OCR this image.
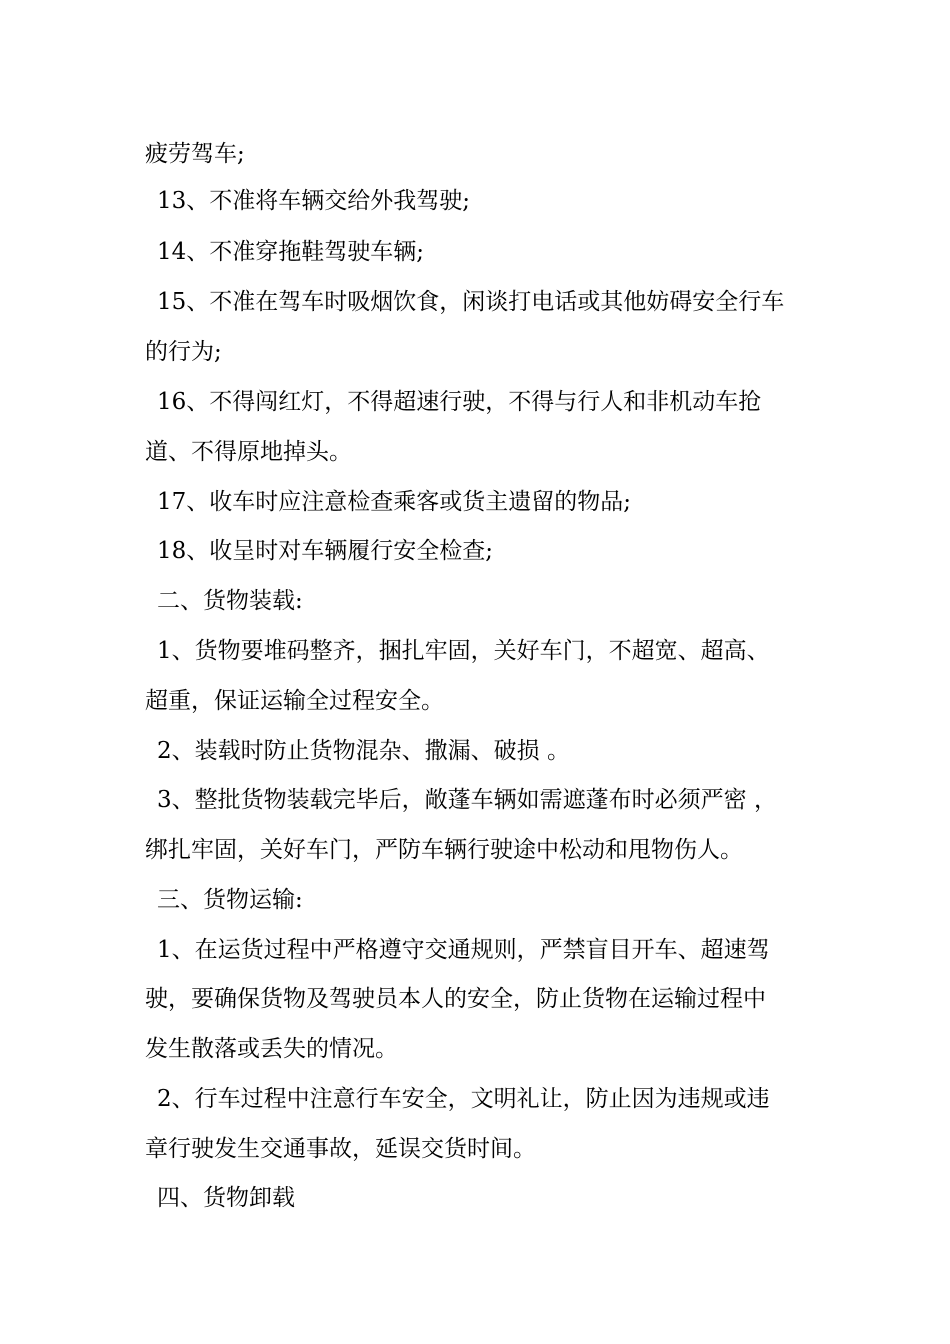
疲劳驾车;
13、不准将车辆交给外我驾驶;
14、不准穿拖鞋驾驶车辆;
15、不准在驾车时吸烟饮食，闲谈打电话或其他妨碍安全行车
的行为;
16、不得闯红灯，不得超速行驶，不得与行人和非机动车抢
道、不得原地掉头。
17、收车时应注意检查乘客或货主遗留的物品;
18、收呈时对车辆履行安全检查;
二、货物装载:
1、货物要堆码整齐，捆扎牢固，关好车门，不超宽、超高、
超重，保证运输全过程安全。
2、装载时防止货物混杂、撒漏、破损 。
3、整批货物装载完毕后，敞蓬车辆如需遮蓬布时必须严密 ，
绑扎牢固，关好车门，严防车辆行驶途中松动和甩物伤人。
三、货物运输:
1、在运货过程中严格遵守交通规则，严禁盲目开车、超速驾
驶，要确保货物及驾驶员本人的安全，防止货物在运输过程中
发生散落或丢失的情况。
2、行车过程中注意行车安全，文明礼让，防止因为违规或违
章行驶发生交通事故，延误交货时间。
四、货物卸载
